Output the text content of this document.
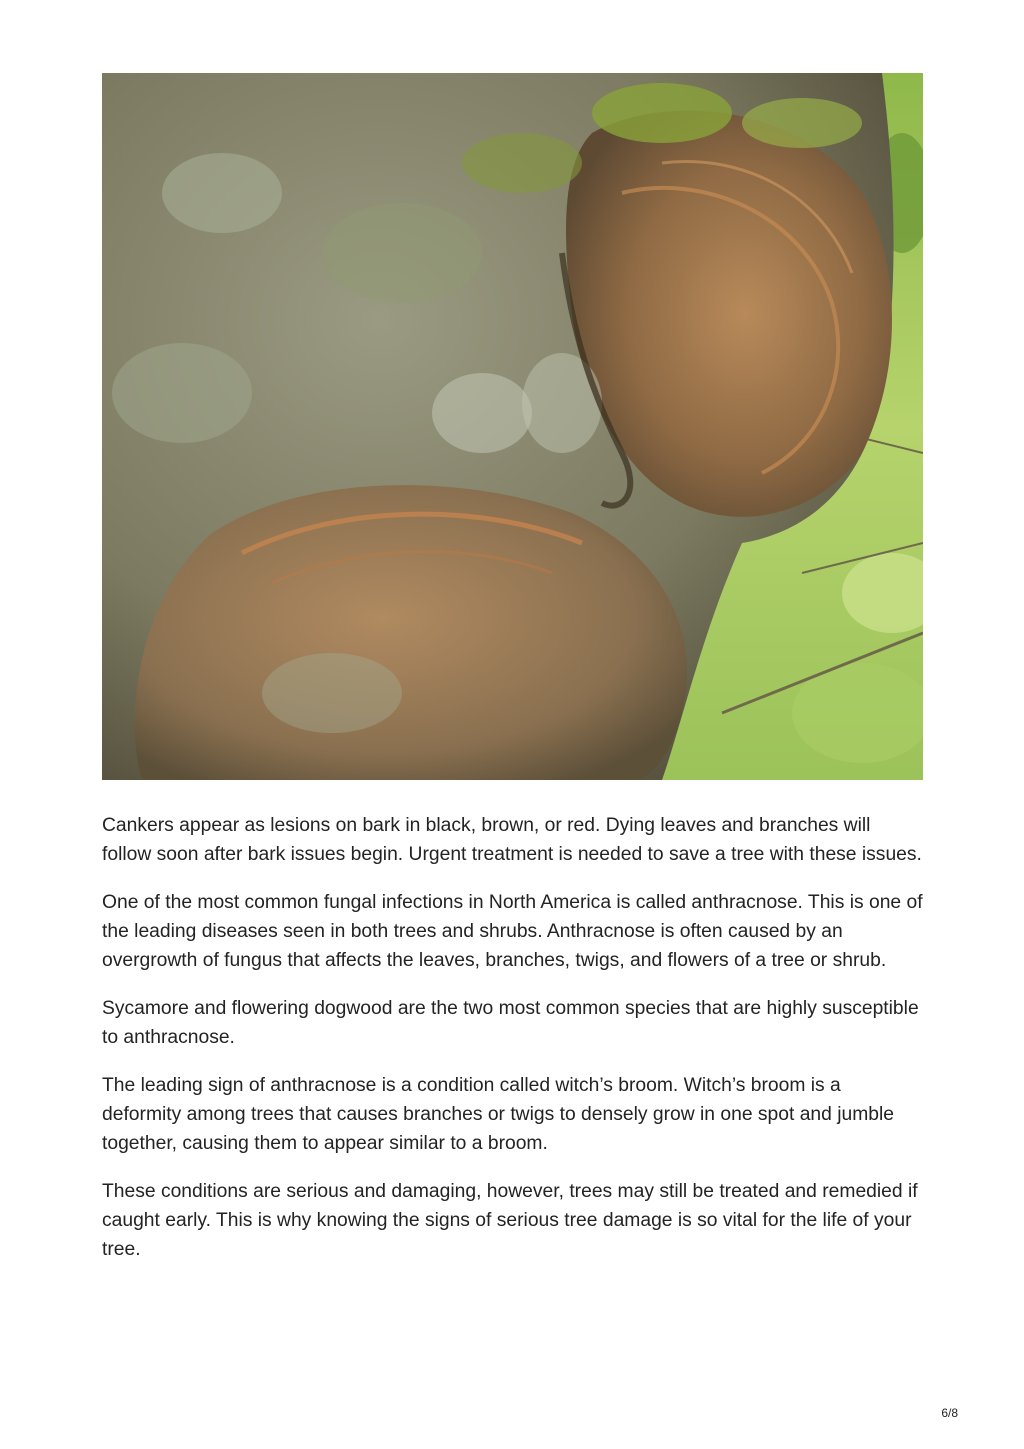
Cankers appear as lesions on bark in black, brown, or red. Dying leaves and branches will follow soon after bark issues begin. Urgent treatment is needed to save a tree with these issues.

One of the most common fungal infections in North America is called anthracnose. This is one of the leading diseases seen in both trees and shrubs. Anthracnose is often caused by an overgrowth of fungus that affects the leaves, branches, twigs, and flowers of a tree or shrub.

Sycamore and flowering dogwood are the two most common species that are highly susceptible to anthracnose.

The leading sign of anthracnose is a condition called witch’s broom. Witch’s broom is a deformity among trees that causes branches or twigs to densely grow in one spot and jumble together, causing them to appear similar to a broom.

These conditions are serious and damaging, however, trees may still be treated and remedied if caught early. This is why knowing the signs of serious tree damage is so vital for the life of your tree.

6/8
